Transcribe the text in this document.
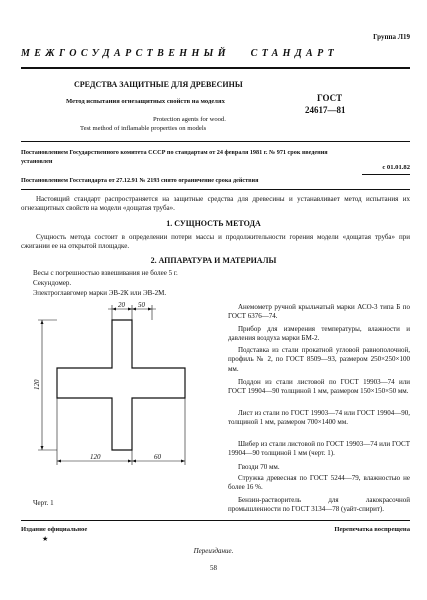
Группа Л19
МЕЖГОСУДАРСТВЕННЫЙ   СТАНДАРТ
СРЕДСТВА ЗАЩИТНЫЕ ДЛЯ ДРЕВЕСИНЫ
Метод испытания огнезащитных свойств на моделях
Protection agents for wood.
Test method of inflamable properties on models
ГОСТ
24617—81
Постановлением Государственного комитета СССР по стандартам от 24 февраля 1981 г. № 971 срок введения
установлен
с 01.01.82
Постановлением Госстандарта от 27.12.91 № 2193 снято ограничение срока действия
Настоящий стандарт распространяется на защитные средства для древесины и устанавливает метод испытания их огнезащитных свойств на модели «дощатая труба».
1. СУЩНОСТЬ МЕТОДА
Сущность метода состоит в определении потери массы и продолжительности горения модели «дощатая труба» при сжигании ее на открытой площадке.
2. АППАРАТУРА И МАТЕРИАЛЫ
Весы с погрешностью взвешивания не более 5 г.
Секундомер.
Электроглавгомер марки ЭВ-2К или ЭВ-2М.
Анемометр ручной крыльчатый марки АСО-3 типа Б по ГОСТ 6376—74.
Прибор для измерения температуры, влажности и давления воздуха марки БМ-2.
Подставка из стали прокатной угловой равнополочной, профиль № 2, по ГОСТ 8509—93, размером 250×250×100 мм.
Поддон из стали листовой по ГОСТ 19903—74 или ГОСТ 19904—90 толщиной 1 мм, размером 150×150×50 мм.
Лист из стали по ГОСТ 19903—74 или ГОСТ 19904—90, толщиной 1 мм, размером 700×1400 мм.
Шибер из стали листовой по ГОСТ 19903—74 или ГОСТ 19904—90 толщиной 1 мм (черт. 1).
Гвозди 70 мм.
Стружка древесная по ГОСТ 5244—79, влажностью не более 16 %.
Бензин-растворитель для лакокрасочной промышленности по ГОСТ 3134—78 (уайт-спирит).
20 50
120
120	60
Черт. 1
Издание официальное
★
Перепечатка воспрещена
Переиздание.
58
